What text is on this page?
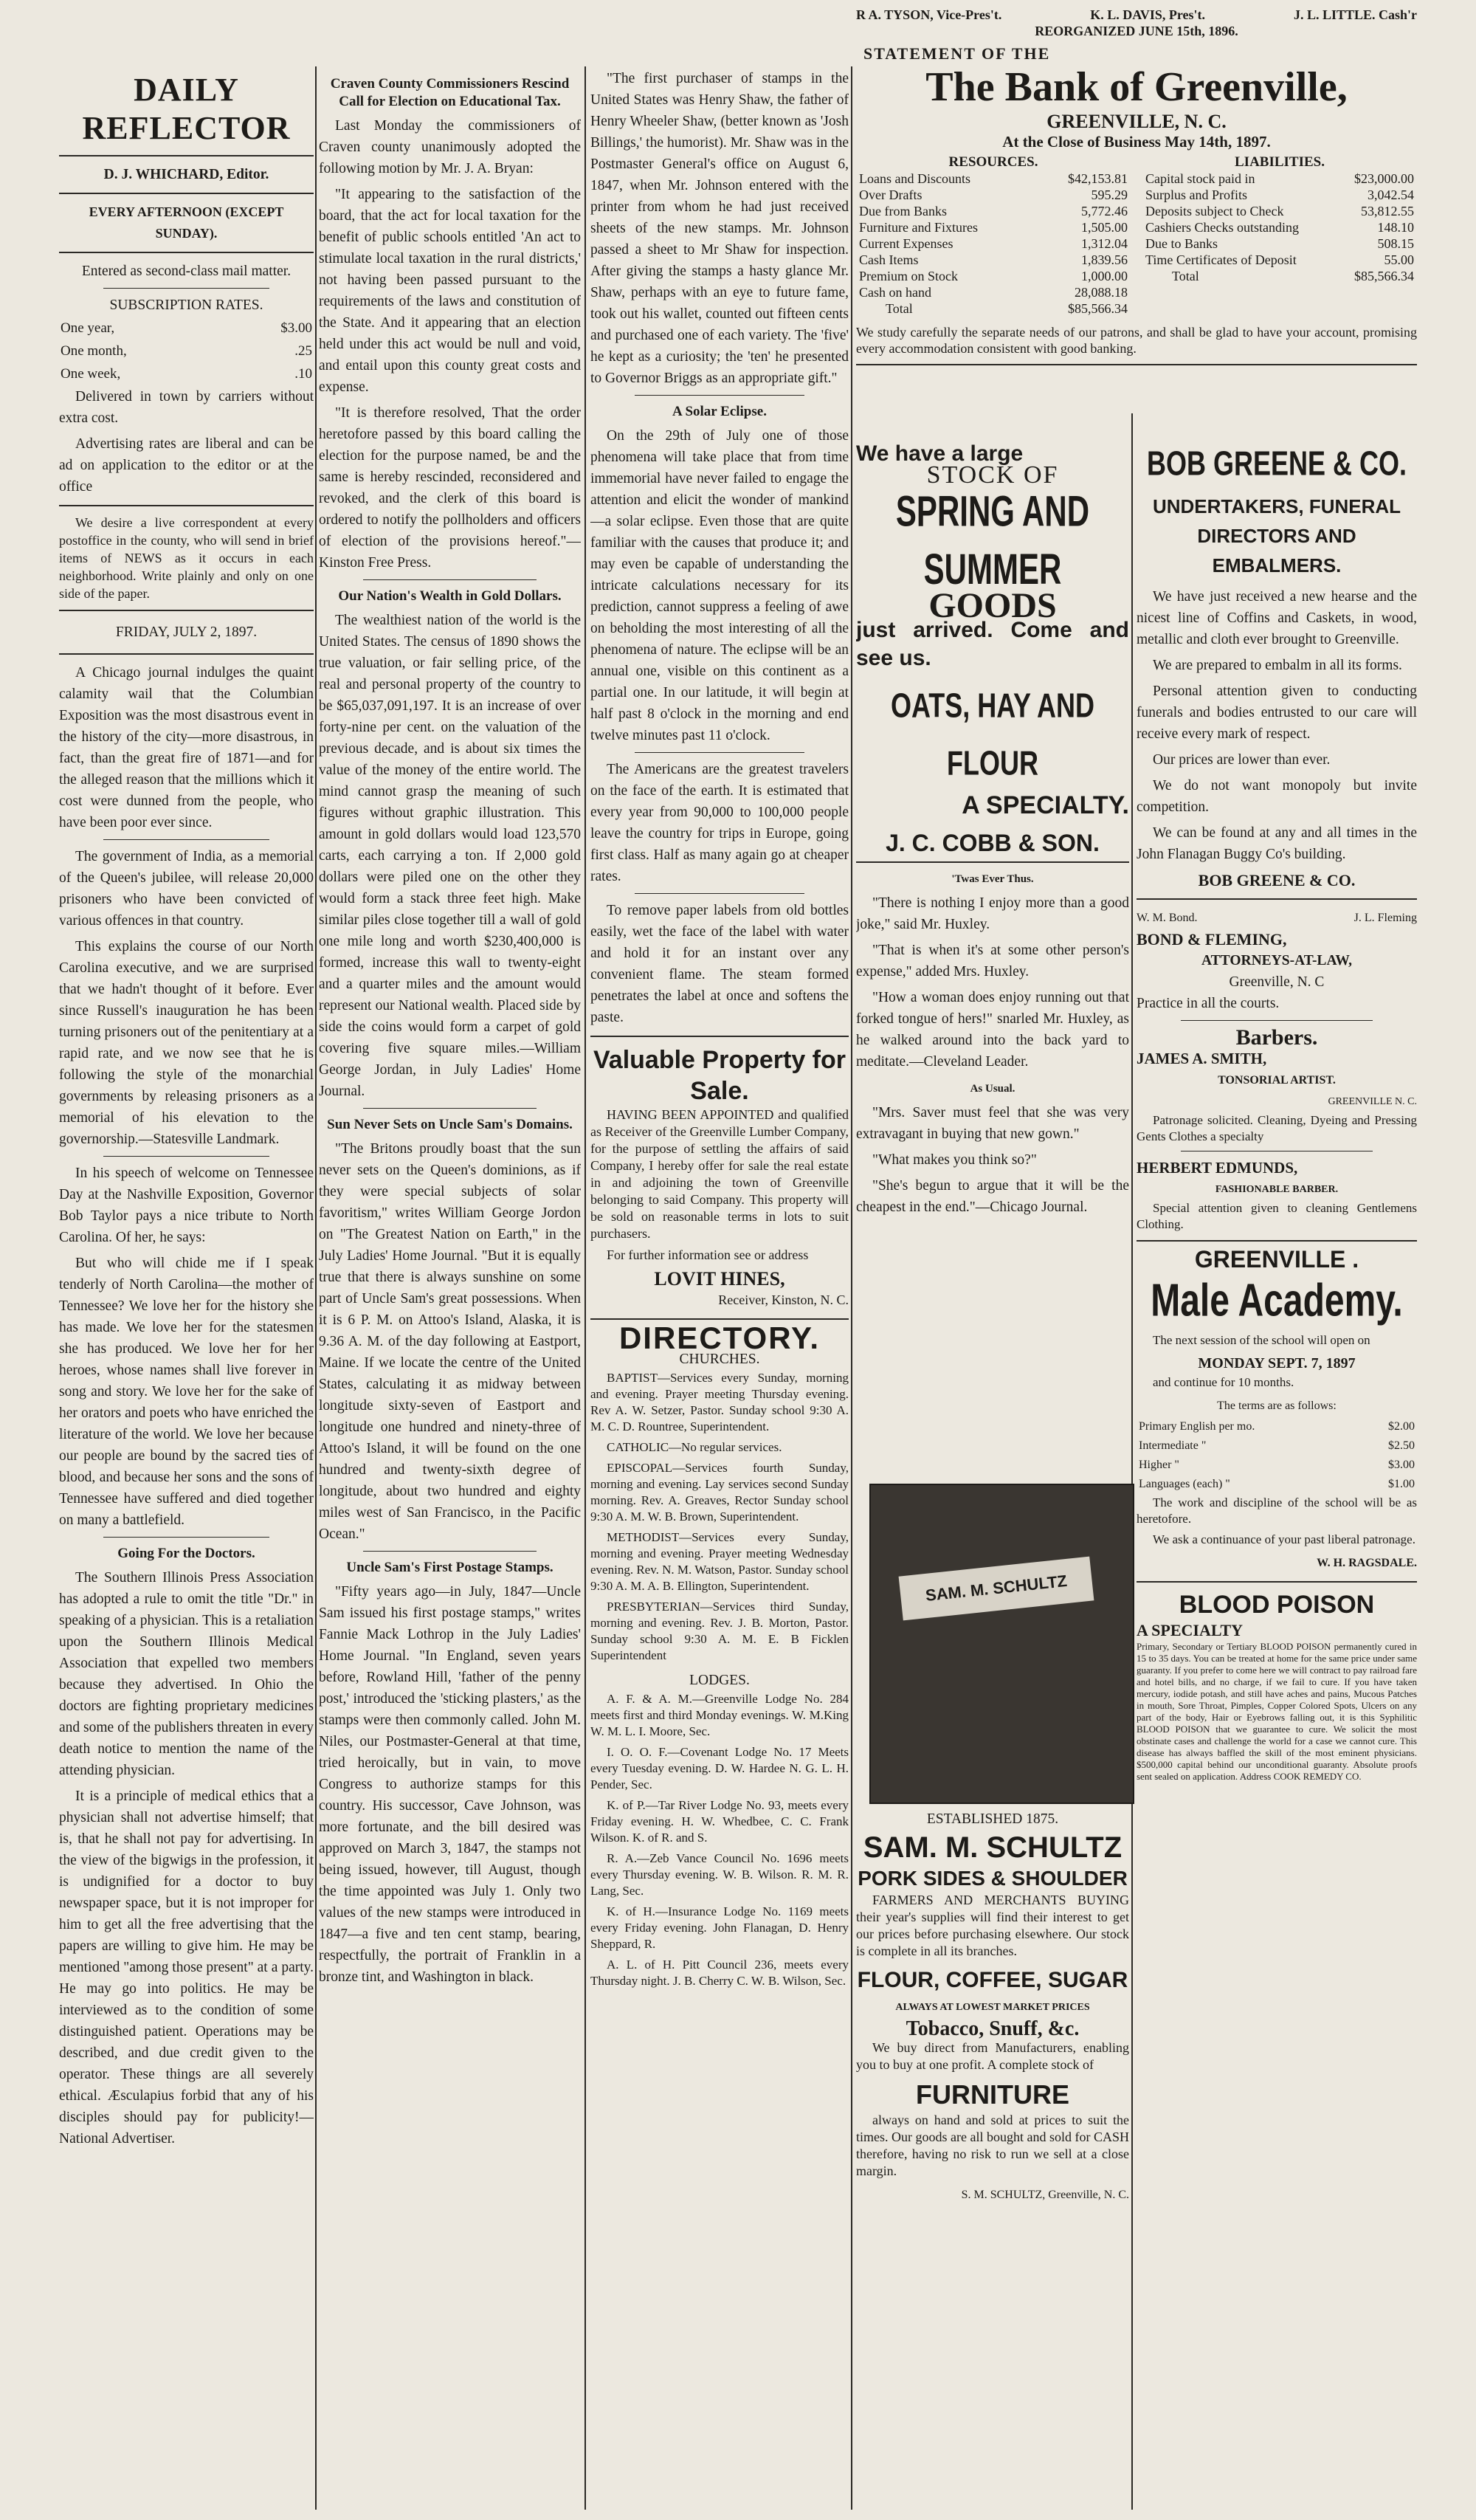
R A. TYSON, Vice-Pres't.	K. L. DAVIS, Pres't.	J. L. LITTLE. Cash'r
REORGANIZED JUNE 15th, 1896.
STATEMENT OF THE
The Bank of Greenville,
GREENVILLE, N. C.
At the Close of Business May 14th, 1897.
RESOURCES.
Loans and Discounts	$42,153.81
Over Drafts	595.29
Due from Banks	5,772.46
Furniture and Fixtures	1,505.00
Current Expenses	1,312.04
Cash Items	1,839.56
Premium on Stock	1,000.00
Cash on hand	28,088.18
Total	$85,566.34
LIABILITIES.
Capital stock paid in	$23,000.00
Surplus and Profits	3,042.54
Deposits subject to Check	53,812.55
Cashiers Checks outstanding	148.10
Due to Banks	508.15
Time Certificates of Deposit	55.00
Total	$85,566.34
We study carefully the separate needs of our patrons, and shall be glad to have your account, promising every accommodation consistent with good banking.
DAILY REFLECTOR
D. J. WHICHARD, Editor.
EVERY AFTERNOON (EXCEPT SUNDAY).
Entered as second-class mail matter.
SUBSCRIPTION RATES.
One year,	$3.00
One month,	.25
One week,	.10

Delivered in town by carriers without extra cost.

Advertising rates are liberal and can be ad on application to the editor or at the office

We desire a live correspondent at every postoffice in the county, who will send in brief items of NEWS as it occurs in each neighborhood. Write plainly and only on one side of the paper.

FRIDAY, JULY 2, 1897.

A Chicago journal indulges the quaint calamity wail that the Columbian Exposition was the most disastrous event in the history of the city—more disastrous, in fact, than the great fire of 1871—and for the alleged reason that the millions which it cost were dunned from the people, who have been poor ever since.

The government of India, as a memorial of the Queen's jubilee, will release 20,000 prisoners who have been convicted of various offences in that country.

This explains the course of our North Carolina executive, and we are surprised that we hadn't thought of it before. Ever since Russell's inauguration he has been turning prisoners out of the penitentiary at a rapid rate, and we now see that he is following the style of the monarchial governments by releasing prisoners as a memorial of his elevation to the governorship.—Statesville Landmark.

In his speech of welcome on Tennessee Day at the Nashville Exposition, Governor Bob Taylor pays a nice tribute to North Carolina. Of her, he says:

But who will chide me if I speak tenderly of North Carolina—the mother of Tennessee? We love her for the history she has made. We love her for the statesmen she has produced. We love her for her heroes, whose names shall live forever in song and story. We love her for the sake of her orators and poets who have enriched the literature of the world. We love her because our people are bound by the sacred ties of blood, and because her sons and the sons of Tennessee have suffered and died together on many a battlefield.

Going For the Doctors.

The Southern Illinois Press Association has adopted a rule to omit the title "Dr." in speaking of a physician. This is a retaliation upon the Southern Illinois Medical Association that expelled two members because they advertised. In Ohio the doctors are fighting proprietary medicines and some of the publishers threaten in every death notice to mention the name of the attending physician.

It is a principle of medical ethics that a physician shall not advertise himself; that is, that he shall not pay for advertising. In the view of the bigwigs in the profession, it is undignified for a doctor to buy newspaper space, but it is not improper for him to get all the free advertising that the papers are willing to give him. He may be mentioned "among those present" at a party. He may go into politics. He may be interviewed as to the condition of some distinguished patient. Operations may be described, and due credit given to the operator. These things are all severely ethical. Æsculapius forbid that any of his disciples should pay for publicity!—National Advertiser.

Craven County Commissioners Rescind Call for Election on Educational Tax.

Last Monday the commissioners of Craven county unanimously adopted the following motion by Mr. J. A. Bryan:

"It appearing to the satisfaction of the board, that the act for local taxation for the benefit of public schools entitled 'An act to stimulate local taxation in the rural districts,' not having been passed pursuant to the requirements of the laws and constitution of the State. And it appearing that an election held under this act would be null and void, and entail upon this county great costs and expense.

"It is therefore resolved, That the order heretofore passed by this board calling the election for the purpose named, be and the same is hereby rescinded, reconsidered and revoked, and the clerk of this board is ordered to notify the pollholders and officers of election of the provisions hereof."—Kinston Free Press.

Our Nation's Wealth in Gold Dollars.

The wealthiest nation of the world is the United States. The census of 1890 shows the true valuation, or fair selling price, of the real and personal property of the country to be $65,037,091,197. It is an increase of over forty-nine per cent. on the valuation of the previous decade, and is about six times the value of the money of the entire world. The mind cannot grasp the meaning of such figures without graphic illustration. This amount in gold dollars would load 123,570 carts, each carrying a ton. If 2,000 gold dollars were piled one on the other they would form a stack three feet high. Make similar piles close together till a wall of gold one mile long and worth $230,400,000 is formed, increase this wall to twenty-eight and a quarter miles and the amount would represent our National wealth. Placed side by side the coins would form a carpet of gold covering five square miles.—William George Jordan, in July Ladies' Home Journal.

Sun Never Sets on Uncle Sam's Domains.

"The Britons proudly boast that the sun never sets on the Queen's dominions, as if they were special subjects of solar favoritism," writes William George Jordon on "The Greatest Nation on Earth," in the July Ladies' Home Journal. "But it is equally true that there is always sunshine on some part of Uncle Sam's great possessions. When it is 6 P. M. on Attoo's Island, Alaska, it is 9.36 A. M. of the day following at Eastport, Maine. If we locate the centre of the United States, calculating it as midway between longitude sixty-seven of Eastport and longitude one hundred and ninety-three of Attoo's Island, it will be found on the one hundred and twenty-sixth degree of longitude, about two hundred and eighty miles west of San Francisco, in the Pacific Ocean."

Uncle Sam's First Postage Stamps.

"Fifty years ago—in July, 1847—Uncle Sam issued his first postage stamps," writes Fannie Mack Lothrop in the July Ladies' Home Journal. "In England, seven years before, Rowland Hill, 'father of the penny post,' introduced the 'sticking plasters,' as the stamps were then commonly called. John M. Niles, our Postmaster-General at that time, tried heroically, but in vain, to move Congress to authorize stamps for this country. His successor, Cave Johnson, was more fortunate, and the bill desired was approved on March 3, 1847, the stamps not being issued, however, till August, though the time appointed was July 1. Only two values of the new stamps were introduced in 1847—a five and ten cent stamp, bearing, respectfully, the portrait of Franklin in a bronze tint, and Washington in black.

"The first purchaser of stamps in the United States was Henry Shaw, the father of Henry Wheeler Shaw, (better known as 'Josh Billings,' the humorist). Mr. Shaw was in the Postmaster General's office on August 6, 1847, when Mr. Johnson entered with the printer from whom he had just received sheets of the new stamps. Mr. Johnson passed a sheet to Mr Shaw for inspection. After giving the stamps a hasty glance Mr. Shaw, perhaps with an eye to future fame, took out his wallet, counted out fifteen cents and purchased one of each variety. The 'five' he kept as a curiosity; the 'ten' he presented to Governor Briggs as an appropriate gift."

A Solar Eclipse.

On the 29th of July one of those phenomena will take place that from time immemorial have never failed to engage the attention and elicit the wonder of mankind—a solar eclipse. Even those that are quite familiar with the causes that produce it; and may even be capable of understanding the intricate calculations necessary for its prediction, cannot suppress a feeling of awe on beholding the most interesting of all the phenomena of nature. The eclipse will be an annual one, visible on this continent as a partial one. In our latitude, it will begin at half past 8 o'clock in the morning and end twelve minutes past 11 o'clock.

The Americans are the greatest travelers on the face of the earth. It is estimated that every year from 90,000 to 100,000 people leave the country for trips in Europe, going first class. Half as many again go at cheaper rates.

To remove paper labels from old bottles easily, wet the face of the label with water and hold it for an instant over any convenient flame. The steam formed penetrates the label at once and softens the paste.

Valuable Property for Sale.

HAVING BEEN APPOINTED and qualified as Receiver of the Greenville Lumber Company, for the purpose of settling the affairs of said Company, I hereby offer for sale the real estate in and adjoining the town of Greenville belonging to said Company. This property will be sold on reasonable terms in lots to suit purchasers.

For further information see or address

LOVIT HINES,
Receiver, Kinston, N. C.
DIRECTORY.
CHURCHES.

BAPTIST—Services every Sunday, morning and evening. Prayer meeting Thursday evening. Rev A. W. Setzer, Pastor. Sunday school 9:30 A. M. C. D. Rountree, Superintendent.

CATHOLIC—No regular services.

EPISCOPAL—Services fourth Sunday, morning and evening. Lay services second Sunday morning. Rev. A. Greaves, Rector Sunday school 9:30 A. M. W. B. Brown, Superintendent.

METHODIST—Services every Sunday, morning and evening. Prayer meeting Wednesday evening. Rev. N. M. Watson, Pastor. Sunday school 9:30 A. M. A. B. Ellington, Superintendent.

PRESBYTERIAN—Services third Sunday, morning and evening. Rev. J. B. Morton, Pastor. Sunday school 9:30 A. M. E. B Ficklen Superintendent

LODGES.

A. F. & A. M.—Greenville Lodge No. 284 meets first and third Monday evenings. W. M.King W. M. L. I. Moore, Sec.

I. O. O. F.—Covenant Lodge No. 17 Meets every Tuesday evening. D. W. Hardee N. G. L. H. Pender, Sec.

K. of P.—Tar River Lodge No. 93, meets every Friday evening. H. W. Whedbee, C. C. Frank Wilson. K. of R. and S.

R. A.—Zeb Vance Council No. 1696 meets every Thursday evening. W. B. Wilson. R. M. R. Lang, Sec.

K. of H.—Insurance Lodge No. 1169 meets every Friday evening. John Flanagan, D. Henry Sheppard, R.

A. L. of H. Pitt Council 236, meets every Thursday night. J. B. Cherry C. W. B. Wilson, Sec.

We have a large
STOCK OF
SPRING AND SUMMER
GOODS
just arrived. Come and see us.
OATS, HAY AND FLOUR
A SPECIALTY.
J. C. COBB & SON.
'Twas Ever Thus.

"There is nothing I enjoy more than a good joke," said Mr. Huxley.

"That is when it's at some other person's expense," added Mrs. Huxley.

"How a woman does enjoy running out that forked tongue of hers!" snarled Mr. Huxley, as he walked around into the back yard to meditate.—Cleveland Leader.

As Usual.

"Mrs. Saver must feel that she was very extravagant in buying that new gown."

"What makes you think so?"

"She's begun to argue that it will be the cheapest in the end."—Chicago Journal.

SAM. M. SCHULTZ
ESTABLISHED 1875.
SAM. M. SCHULTZ
PORK SIDES & SHOULDER

FARMERS AND MERCHANTS BUYING their year's supplies will find their interest to get our prices before purchasing elsewhere. Our stock is complete in all its branches.

FLOUR, COFFEE, SUGAR
ALWAYS AT LOWEST MARKET PRICES
Tobacco, Snuff, &c.

We buy direct from Manufacturers, enabling you to buy at one profit. A complete stock of

FURNITURE

always on hand and sold at prices to suit the times. Our goods are all bought and sold for CASH therefore, having no risk to run we sell at a close margin.

S. M. SCHULTZ, Greenville, N. C.
BOB GREENE & CO.
UNDERTAKERS, FUNERAL DIRECTORS AND EMBALMERS.

We have just received a new hearse and the nicest line of Coffins and Caskets, in wood, metallic and cloth ever brought to Greenville.

We are prepared to embalm in all its forms.

Personal attention given to conducting funerals and bodies entrusted to our care will receive every mark of respect.

Our prices are lower than ever.

We do not want monopoly but invite competition.

We can be found at any and all times in the John Flanagan Buggy Co's building.

BOB GREENE & CO.
W. M. Bond.	J. L. Fleming
BOND & FLEMING,
ATTORNEYS-AT-LAW,
Greenville, N. C
Practice in all the courts.
Barbers.
JAMES A. SMITH,
TONSORIAL ARTIST.
GREENVILLE N. C.

Patronage solicited. Cleaning, Dyeing and Pressing Gents Clothes a specialty

HERBERT EDMUNDS,
FASHIONABLE BARBER.

Special attention given to cleaning Gentlemens Clothing.

GREENVILLE .
Male Academy.

The next session of the school will open on

MONDAY SEPT. 7, 1897

and continue for 10 months.

The terms are as follows:
Primary English per mo.	$2.00
Intermediate "	$2.50
Higher "	$3.00
Languages (each) "	$1.00

The work and discipline of the school will be as heretofore.

We ask a continuance of your past liberal patronage.

W. H. RAGSDALE.
BLOOD POISON
A SPECIALTY

Primary, Secondary or Tertiary BLOOD POISON permanently cured in 15 to 35 days. You can be treated at home for the same price under same guaranty. If you prefer to come here we will contract to pay railroad fare and hotel bills, and no charge, if we fail to cure. If you have taken mercury, iodide potash, and still have aches and pains, Mucous Patches in mouth, Sore Throat, Pimples, Copper Colored Spots, Ulcers on any part of the body, Hair or Eyebrows falling out, it is this Syphilitic BLOOD POISON that we guarantee to cure. We solicit the most obstinate cases and challenge the world for a case we cannot cure. This disease has always baffled the skill of the most eminent physicians. $500,000 capital behind our unconditional guaranty. Absolute proofs sent sealed on application. Address COOK REMEDY CO.
